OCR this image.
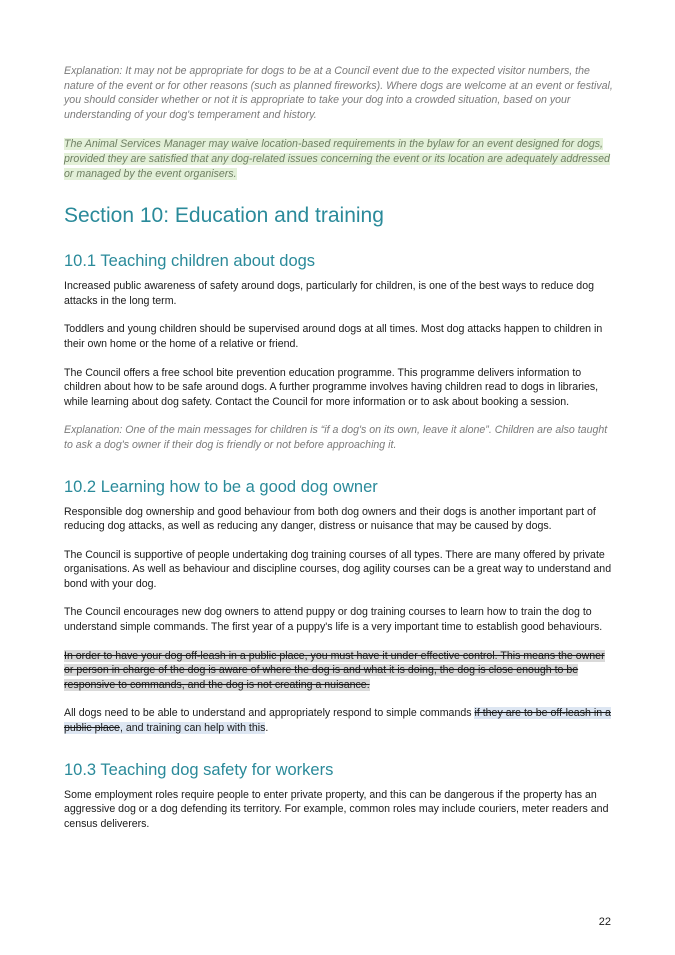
Explanation: It may not be appropriate for dogs to be at a Council event due to the expected visitor numbers, the nature of the event or for other reasons (such as planned fireworks). Where dogs are welcome at an event or festival, you should consider whether or not it is appropriate to take your dog into a crowded situation, based on your understanding of your dog's temperament and history.

The Animal Services Manager may waive location-based requirements in the bylaw for an event designed for dogs, provided they are satisfied that any dog-related issues concerning the event or its location are adequately addressed or managed by the event organisers.

Section 10: Education and training
10.1 Teaching children about dogs

Increased public awareness of safety around dogs, particularly for children, is one of the best ways to reduce dog attacks in the long term.

Toddlers and young children should be supervised around dogs at all times. Most dog attacks happen to children in their own home or the home of a relative or friend.

The Council offers a free school bite prevention education programme. This programme delivers information to children about how to be safe around dogs. A further programme involves having children read to dogs in libraries, while learning about dog safety. Contact the Council for more information or to ask about booking a session.

Explanation: One of the main messages for children is “if a dog's on its own, leave it alone”. Children are also taught to ask a dog's owner if their dog is friendly or not before approaching it.

10.2 Learning how to be a good dog owner

Responsible dog ownership and good behaviour from both dog owners and their dogs is another important part of reducing dog attacks, as well as reducing any danger, distress or nuisance that may be caused by dogs.

The Council is supportive of people undertaking dog training courses of all types. There are many offered by private organisations. As well as behaviour and discipline courses, dog agility courses can be a great way to understand and bond with your dog.

The Council encourages new dog owners to attend puppy or dog training courses to learn how to train the dog to understand simple commands. The first year of a puppy's life is a very important time to establish good behaviours.

In order to have your dog off-leash in a public place, you must have it under effective control. This means the owner or person in charge of the dog is aware of where the dog is and what it is doing, the dog is close enough to be responsive to commands, and the dog is not creating a nuisance.

All dogs need to be able to understand and appropriately respond to simple commands if they are to be off-leash in a public place, and training can help with this.

10.3 Teaching dog safety for workers

Some employment roles require people to enter private property, and this can be dangerous if the property has an aggressive dog or a dog defending its territory. For example, common roles may include couriers, meter readers and census deliverers.

22
